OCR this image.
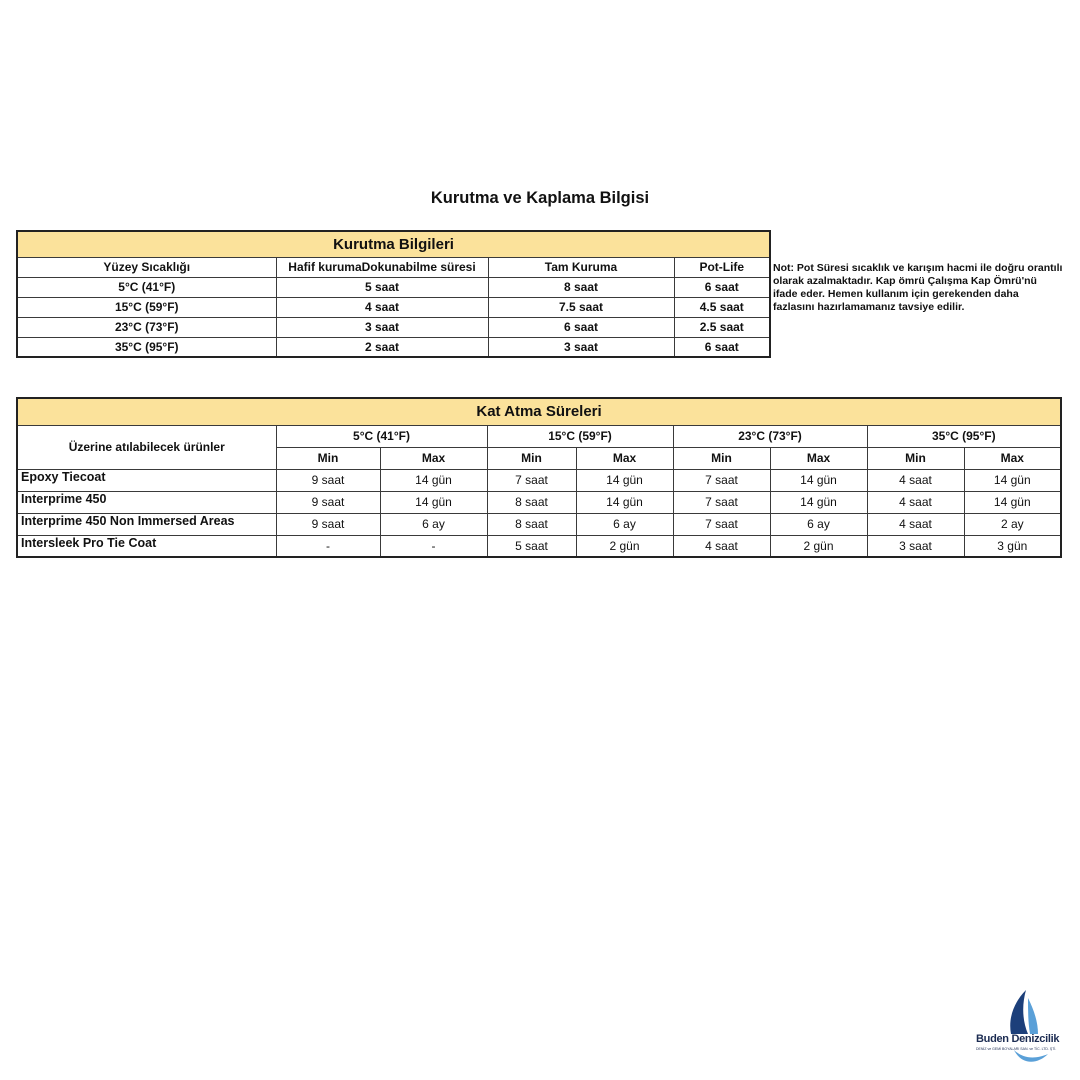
Kurutma ve Kaplama Bilgisi
Kurutma Bilgileri			
Yüzey Sıcaklığı	Hafif kurumaDokunabilme süresi	Tam Kuruma	Pot-Life
5°C (41°F)	5 saat	8 saat	6 saat
15°C (59°F)	4 saat	7.5 saat	4.5 saat
23°C (73°F)	3 saat	6 saat	2.5 saat
35°C (95°F)	2 saat	3 saat	6 saat
Not: Pot Süresi sıcaklık ve karışım hacmi ile doğru orantılı olarak azalmaktadır. Kap ömrü Çalışma Kap Ömrü'nü ifade eder. Hemen kullanım için gerekenden daha fazlasını hazırlamamanız tavsiye edilir.
Kat Atma Süreleri								
Üzerine atılabilecek ürünler	5°C (41°F)		15°C (59°F)		23°C (73°F)		35°C (95°F)	
	Min	Max	Min	Max	Min	Max	Min	Max
Epoxy Tiecoat	9 saat	14 gün	7 saat	14 gün	7 saat	14 gün	4 saat	14 gün
Interprime 450	9 saat	14 gün	8 saat	14 gün	7 saat	14 gün	4 saat	14 gün
Interprime 450 Non Immersed Areas	9 saat	6 ay	8 saat	6 ay	7 saat	6 ay	4 saat	2 ay
Intersleek Pro Tie Coat	-	-	5 saat	2 gün	4 saat	2 gün	3 saat	3 gün
Buden Denizcilik
DENİZ ve GEMİ BOYALARI SAN. ve TİC. LTD. ŞTİ.
